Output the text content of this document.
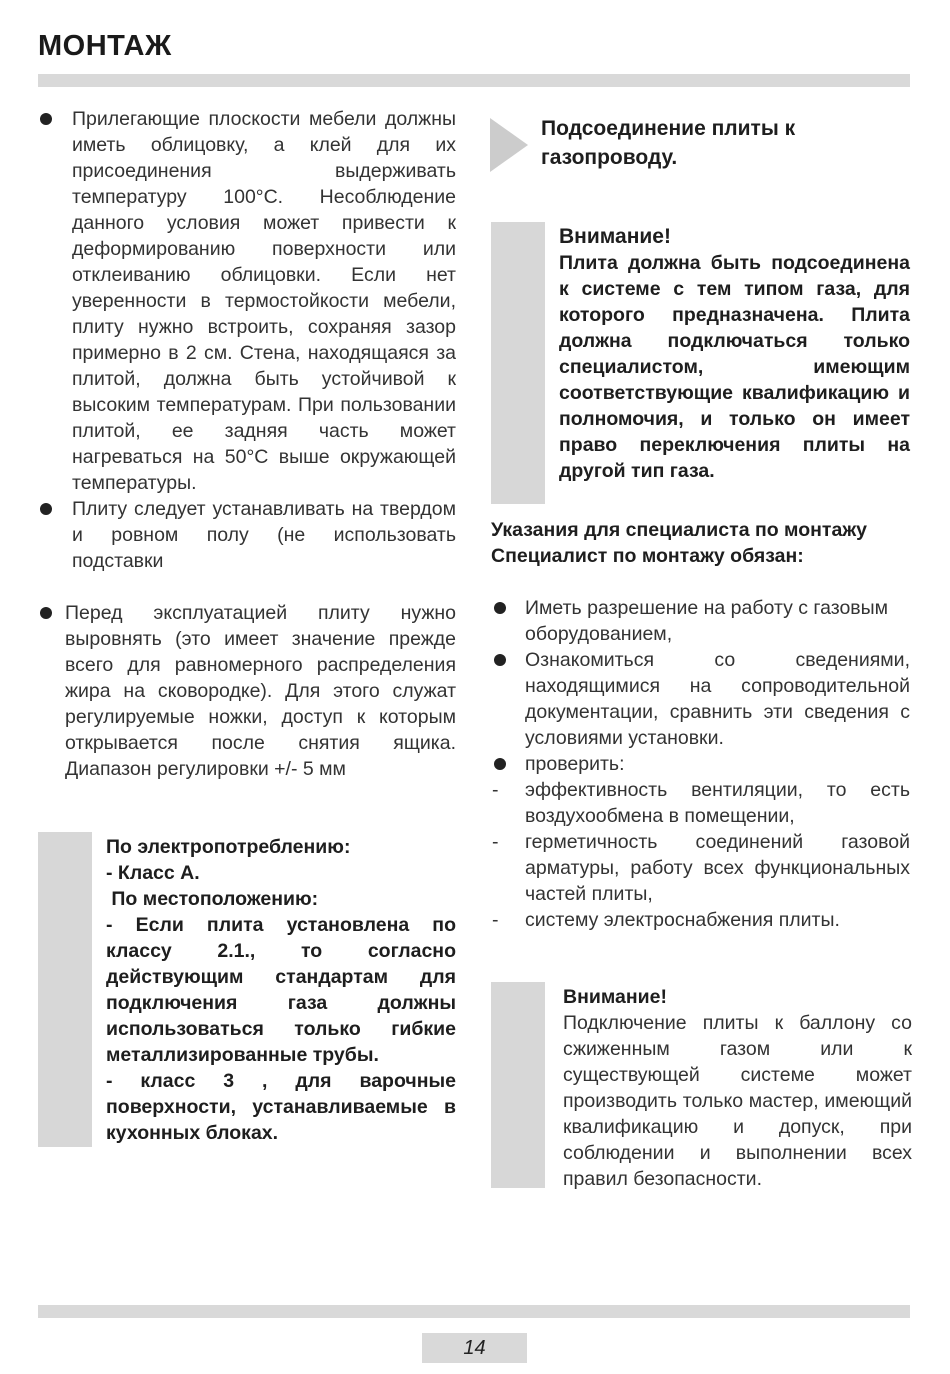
МОНТАЖ
Прилегающие плоскости мебели должны иметь облицовку, а клей для их присоединения выдерживать температуру 100°С. Несоблюдение данного условия может привести к деформированию поверхности или отклеиванию облицовки. Если нет уверенности в термостойкости мебели, плиту нужно встроить, сохраняя зазор примерно в 2 см. Стена, находящаяся за плитой, должна быть устойчивой к высоким температурам. При пользовании плитой, ее задняя часть может нагреваться на 50°С выше окружающей температуры.
Плиту следует устанавливать на твердом и ровном полу (не использовать подставки
Перед эксплуатацией плиту нужно выровнять (это имеет значение прежде всего для равномерного распределения жира на сковородке). Для этого служат регулируемые ножки, доступ к которым открывается после снятия ящика. Диапазон регулировки +/- 5 мм
По электропотреблению:
- Класс А.
По местоположению:
- Если плита установлена по классу 2.1., то согласно действующим стандартам для подключения газа должны использоваться только гибкие металлизированные трубы.
- класс 3 , для варочные поверхности, устанавливаемые в кухонных блоках.
Подсоединение плиты к газопроводу.
Внимание!
Плита должна быть подсоединена к системе с тем типом газа, для которого предназначена. Плита должна подключаться только специалистом, имеющим соответствующие квалификацию и полномочия, и только он имеет право переключения плиты на другой тип газа.
Указания для специалиста по монтажу
Специалист по монтажу обязан:
Иметь разрешение на работу с газовым оборудованием,
Ознакомиться со сведениями, находящимися на сопроводительной документации, сравнить эти сведения с условиями установки.
проверить:
- эффективность вентиляции, то есть воздухообмена в помещении,
- герметичность соединений газовой арматуры, работу всех функциональных частей плиты,
- систему электроснабжения плиты.
Внимание!
Подключение плиты к баллону со сжиженным газом или к существующей системе может производить только мастер, имеющий квалификацию и допуск, при соблюдении и выполнении всех правил безопасности.
14
